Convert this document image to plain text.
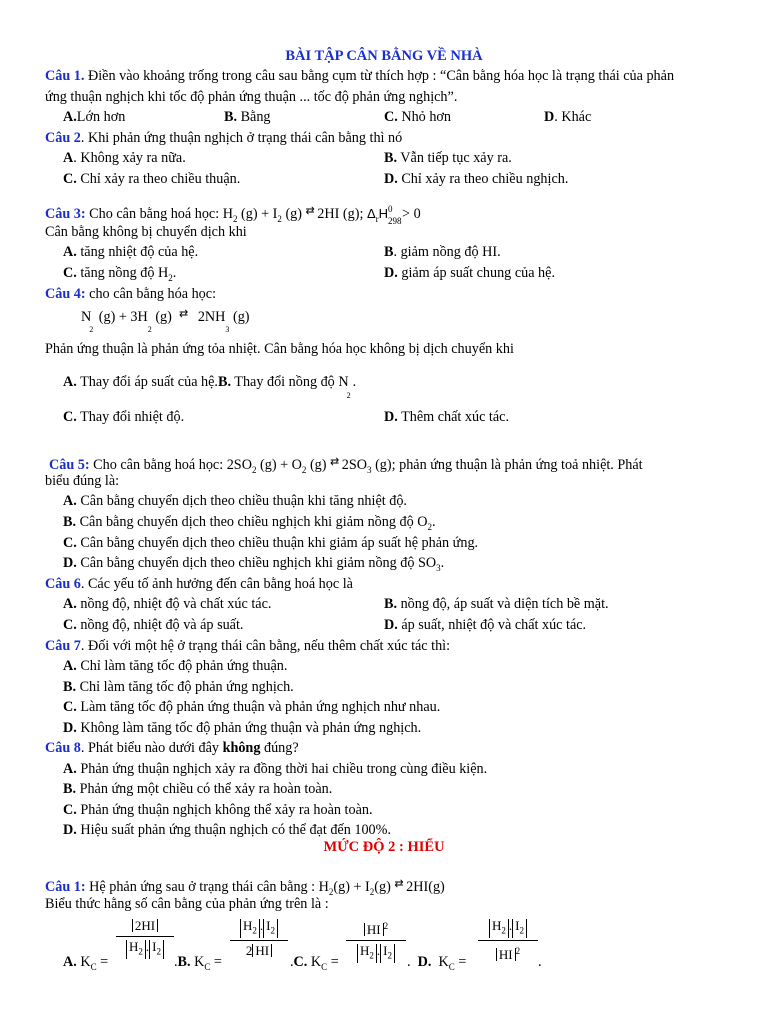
BÀI TẬP CÂN BẰNG VỀ NHÀ
Câu 1. Điền vào khoảng trống trong câu sau bằng cụm từ thích hợp : “Cân bằng hóa học là trạng thái của phản
ứng thuận nghịch khi tốc độ phản ứng thuận ... tốc độ phản ứng nghịch”.
A.Lớn hơn	B. Bằng	C. Nhỏ hơn	D. Khác
Câu 2. Khi phản ứng thuận nghịch ở trạng thái cân bằng thì nó
A. Không xảy ra nữa.	B. Vẫn tiếp tục xảy ra.
C. Chỉ xảy ra theo chiều thuận.	D. Chỉ xảy ra theo chiều nghịch.
Câu 3: Cho cân bằng hoá học: $H_2$ $(g) + I_2$ (g) ⇄ 2HI (g); $\Delta_rH$ 0
298 > 0
Cân bằng không bị chuyển dịch khi
A. tăng nhiệt độ của hệ.	B. giảm nồng độ HI.
C. tăng nồng độ $H_2$.	D. giảm áp suất chung của hệ.
Câu 4: cho cân bằng hóa học:
$N_2$ $(g) + 3H_2$ (g) ⇄ $2NH_3$ (g)
Phản ứng thuận là phản ứng tỏa nhiệt. Cân bằng hóa học không bị dịch chuyển khi
A. Thay đổi áp suất của hệ.B. Thay đổi nồng độ $N_2$.
C. Thay đổi nhiệt độ.	D. Thêm chất xúc tác.
Câu 5: Cho cân bằng hoá học: $2SO_2$ $(g) + O_2$ (g) ⇄ $2SO_3$ (g); phản ứng thuận là phản ứng toả nhiệt. Phát
biểu đúng là:
A. Cân bằng chuyển dịch theo chiều thuận khi tăng nhiệt độ.
B. Cân bằng chuyển dịch theo chiều nghịch khi giảm nồng độ $O_2$.
C. Cân bằng chuyển dịch theo chiều thuận khi giảm áp suất hệ phản ứng.
D. Cân bằng chuyển dịch theo chiều nghịch khi giảm nồng độ $SO_3$.
Câu 6. Các yếu tố ảnh hưởng đến cân bằng hoá học là
A. nồng độ, nhiệt độ và chất xúc tác.	B. nồng độ, áp suất và diện tích bề mặt.
C. nồng độ, nhiệt độ và áp suất.	D. áp suất, nhiệt độ và chất xúc tác.
Câu 7. Đối với một hệ ở trạng thái cân bằng, nếu thêm chất xúc tác thì:
A. Chỉ làm tăng tốc độ phản ứng thuận.
B. Chỉ làm tăng tốc độ phản ứng nghịch.
C. Làm tăng tốc độ phản ứng thuận và phản ứng nghịch như nhau.
D. Không làm tăng tốc độ phản ứng thuận và phản ứng nghịch.
Câu 8. Phát biểu nào dưới đây không đúng?
A. Phản ứng thuận nghịch xảy ra đồng thời hai chiều trong cùng điều kiện.
B. Phản ứng một chiều có thể xảy ra hoàn toàn.
C. Phản ứng thuận nghịch không thể xảy ra hoàn toàn.
D. Hiệu suất phản ứng thuận nghịch có thể đạt đến 100%.
MỨC ĐỘ 2 : HIỂU
Câu 1: Hệ phản ứng sau ở trạng thái cân bằng : $H_2(g) + I_2(g)$ ⇄ 2HI(g)
Biểu thức hằng số cân bằng của phản ứng trên là :
A. $K_C$ =
2HI
$H_2$ . $I_2$
.B. $K_C$ =
$H_2$ . $I_2$
2 HI
.C. $K_C$ =
HI $^2$
$H_2$ . $I_2$	. D.  $K_C$ =
$H_2$ . $I_2$
HI $^2$
.
